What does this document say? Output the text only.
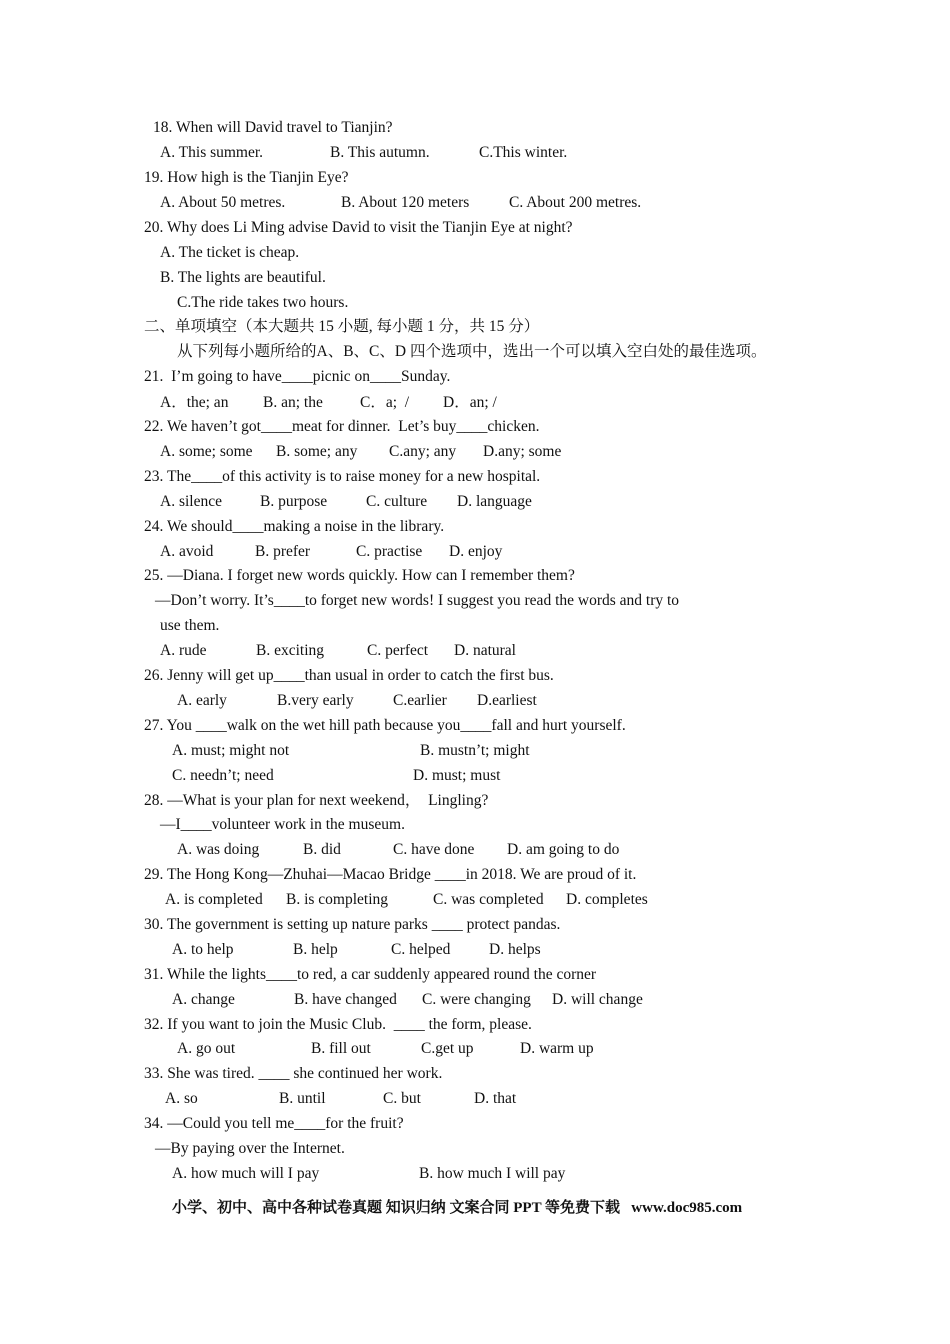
18. When will David travel to Tianjin?
A. This summer.	B. This autumn.	C.This winter.
19. How high is the Tianjin Eye?
A. About 50 metres.	B. About 120 meters	C. About 200 metres.
20. Why does Li Ming advise David to visit the Tianjin Eye at night?
A. The ticket is cheap.
B. The lights are beautiful.
C.The ride takes two hours.
二、单项填空（本大题共 15 小题, 每小题 1 分，共 15 分）
从下列每小题所给的A、B、C、D 四个选项中，选出一个可以填入空白处的最佳选项。
21.  I’m going to have____picnic on____Sunday.
A．the; an B. an; the C．a;  / D．an; /
22. We haven’t got____meat for dinner.  Let’s buy____chicken.
A. some; some B. some; any C.any; any D.any; some
23. The____of this activity is to raise money for a new hospital.
A. silence B. purpose	C. culture D. language
24. We should____making a noise in the library.
A. avoid	B. prefer	C. practise D. enjoy
25. —Diana. I forget new words quickly. How can I remember them?
—Don’t worry. It’s____to forget new words! I suggest you read the words and try to
use them.
A. rude	B. exciting	C. perfect D. natural
26. Jenny will get up____than usual in order to catch the first bus.
A. early	B.very early	C.earlier D.earliest
27. You ____walk on the wet hill path because you____fall and hurt yourself.
A. must; might not	B. mustn’t; might
C. needn’t; need	D. must; must
28. —What is your plan for next weekend，  Lingling?
—I____volunteer work in the museum.
A. was doing	B. did	C. have done D. am going to do
29. The Hong Kong—Zhuhai—Macao Bridge ____in 2018. We are proud of it.
A. is completed B. is completing	C. was completed D. completes
30. The government is setting up nature parks ____ protect pandas.
A. to help	B. help	C. helped D. helps
31. While the lights____to red, a car suddenly appeared round the corner
A. change	B. have changed C. were changing D. will change
32. If you want to join the Music Club.  ____ the form, please.
A. go out	B. fill out	C.get up	D. warm up
33. She was tired. ____ she continued her work.
A. so	B. until	C. but	D. that
34. —Could you tell me____for the fruit?
—By paying over the Internet.
A. how much will I pay	B. how much I will pay
小学、初中、高中各种试卷真题 知识归纳 文案合同 PPT 等免费下载   www.doc985.com
